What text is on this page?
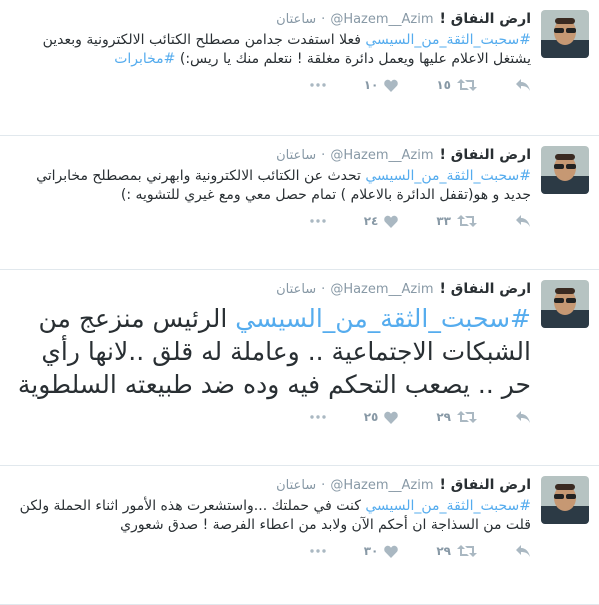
ارض النفاق !
@Hazem__Azim
·
ساعتان
#سحبت_الثقة_من_السيسي فعلا استفدت جدامن مصطلح الكتائب الالكترونية وبعدين يشتغل الاعلام عليها ويعمل دائرة مغلقة ! نتعلم منك يا ريس:) #مخابرات
١٥
١٠
ارض النفاق !
@Hazem__Azim
·
ساعتان
#سحبت_الثقة_من_السيسي تحدث عن الكتائب الالكترونية وابهرني بمصطلح مخابراتي جديد و هو(تقفل الدائرة بالاعلام ) تمام حصل معي ومع غيري للتشويه :)
٣٣
٢٤
ارض النفاق !
@Hazem__Azim
·
ساعتان
#سحبت_الثقة_من_السيسي الرئيس منزعج من الشبكات الاجتماعية .. وعاملة له قلق ..لانها رأي حر .. يصعب التحكم فيه وده ضد طبيعته السلطوية
٢٩
٢٥
ارض النفاق !
@Hazem__Azim
·
ساعتان
#سحبت_الثقة_من_السيسي كنت في حملتك ...واستشعرت هذه الأمور اثناء الحملة ولكن قلت من السذاجة ان أحكم الآن ولابد من اعطاء الفرصة ! صدق شعوري
٢٩
٣٠
